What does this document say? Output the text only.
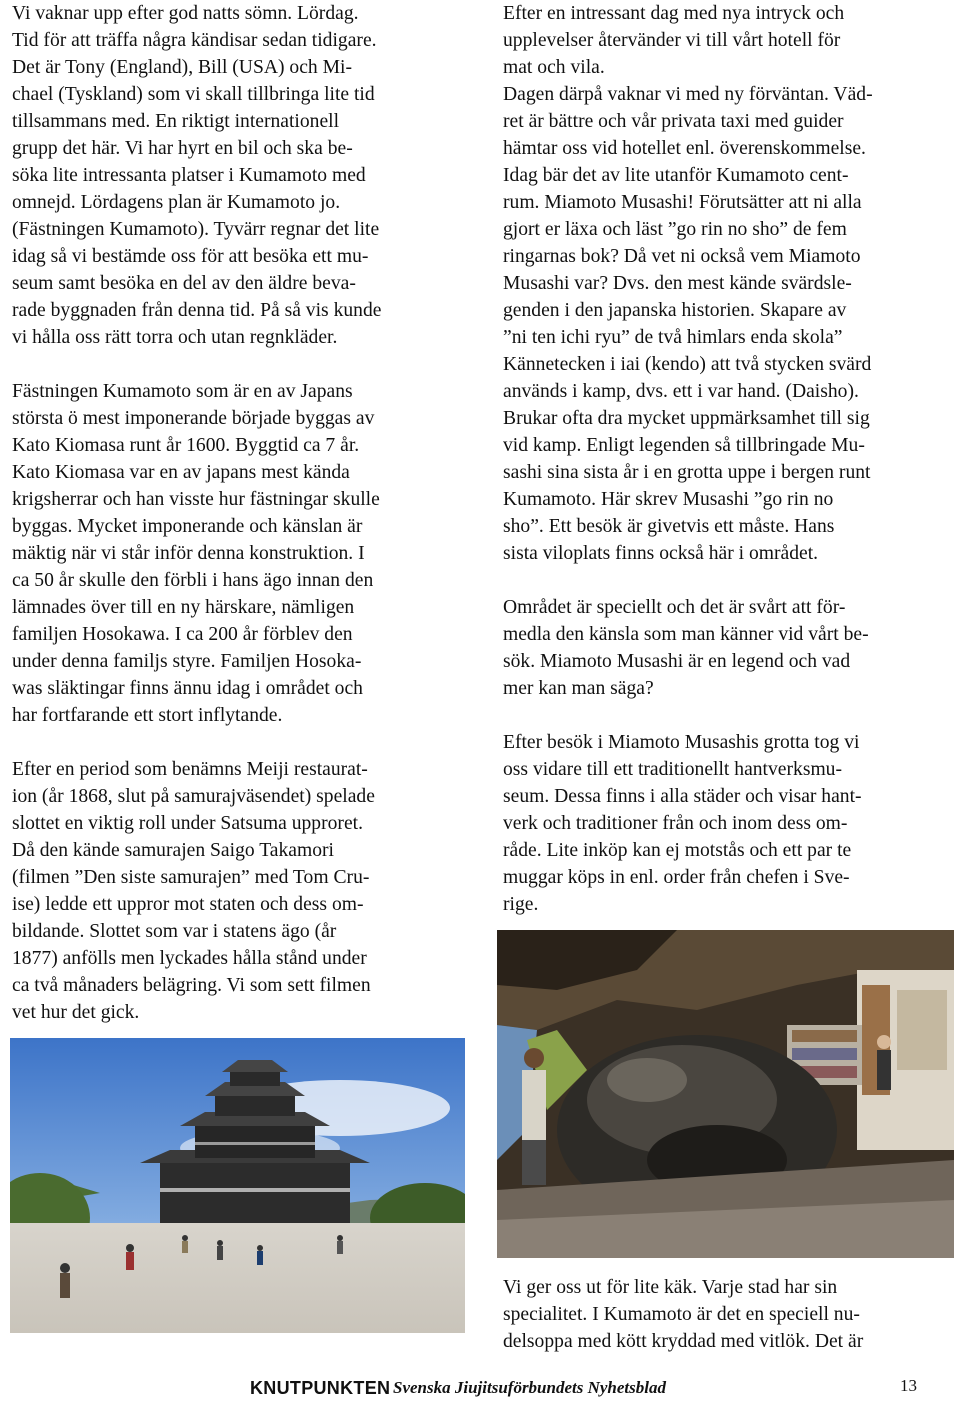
Vi vaknar upp efter god natts sömn. Lördag.
Tid för att träffa några kändisar sedan tidigare.
Det är Tony (England), Bill (USA) och Mi-
chael (Tyskland) som vi skall tillbringa lite tid
tillsammans med. En riktigt internationell
grupp det här. Vi har hyrt en bil och ska be-
söka lite intressanta platser i Kumamoto med
omnejd. Lördagens plan är Kumamoto jo.
(Fästningen Kumamoto). Tyvärr regnar det lite
idag så vi bestämde oss för att besöka ett mu-
seum samt besöka en del av den äldre beva-
rade byggnaden från denna tid. På så vis kunde
vi hålla oss rätt torra och utan regnkläder.

Fästningen Kumamoto som är en av Japans
största ö mest imponerande började byggas av
Kato Kiomasa runt år 1600. Byggtid ca 7 år.
Kato Kiomasa var en av japans mest kända
krigsherrar och han visste hur fästningar skulle
byggas. Mycket imponerande och känslan är
mäktig när vi står inför denna konstruktion. I
ca 50 år skulle den förbli i hans ägo innan den
lämnades över till en ny härskare, nämligen
familjen Hosokawa. I ca 200 år förblev den
under denna familjs styre. Familjen Hosoka-
was släktingar finns ännu idag i området och
har fortfarande ett stort inflytande.

Efter en period som benämns Meiji restaurat-
ion (år 1868, slut på samurajväsendet) spelade
slottet en viktig roll under Satsuma upproret.
Då den kände samurajen Saigo Takamori
(filmen ”Den siste samurajen” med Tom Cru-
ise) ledde ett uppror mot staten och dess om-
bildande. Slottet som var i statens ägo (år
1877) anfölls men lyckades hålla stånd under
ca två månaders belägring. Vi som sett filmen
vet hur det gick.

Efter en intressant dag med nya intryck och
upplevelser återvänder vi till vårt hotell för
mat och vila.
Dagen därpå vaknar vi med ny förväntan. Väd-
ret är bättre och vår privata taxi med guider
hämtar oss vid hotellet enl. överenskommelse.
Idag bär det av lite utanför Kumamoto cent-
rum. Miamoto Musashi! Förutsätter att ni alla
gjort er läxa och läst ”go rin no sho” de fem
ringarnas bok? Då vet ni också vem Miamoto
Musashi var? Dvs. den mest kände svärdsle-
genden i den japanska historien. Skapare av
”ni ten ichi ryu” de två himlars enda skola”
Kännetecken i iai (kendo) att två stycken svärd
används i kamp, dvs. ett i var hand. (Daisho).
Brukar ofta dra mycket uppmärksamhet till sig
vid kamp. Enligt legenden så tillbringade Mu-
sashi sina sista år i en grotta uppe i bergen runt
Kumamoto. Här skrev Musashi ”go rin no
sho”. Ett besök är givetvis ett måste. Hans
sista viloplats finns också här i området.

Området är speciellt och det är svårt att för-
medla den känsla som man känner vid vårt be-
sök. Miamoto Musashi är en legend och vad
mer kan man säga?

Efter besök i Miamoto Musashis grotta tog vi
oss vidare till ett traditionellt hantverksmu-
seum. Dessa finns i alla städer och visar hant-
verk och traditioner från och inom dess om-
råde. Lite inköp kan ej motstås och ett par te
muggar köps in enl. order från chefen i Sve-
rige.

Vi ger oss ut för lite käk. Varje stad har sin
specialitet. I Kumamoto är det en speciell nu-
delsoppa med kött kryddad med vitlök. Det är

KNUTPUNKTEN Svenska Jiujitsuförbundets Nyhetsblad	13
